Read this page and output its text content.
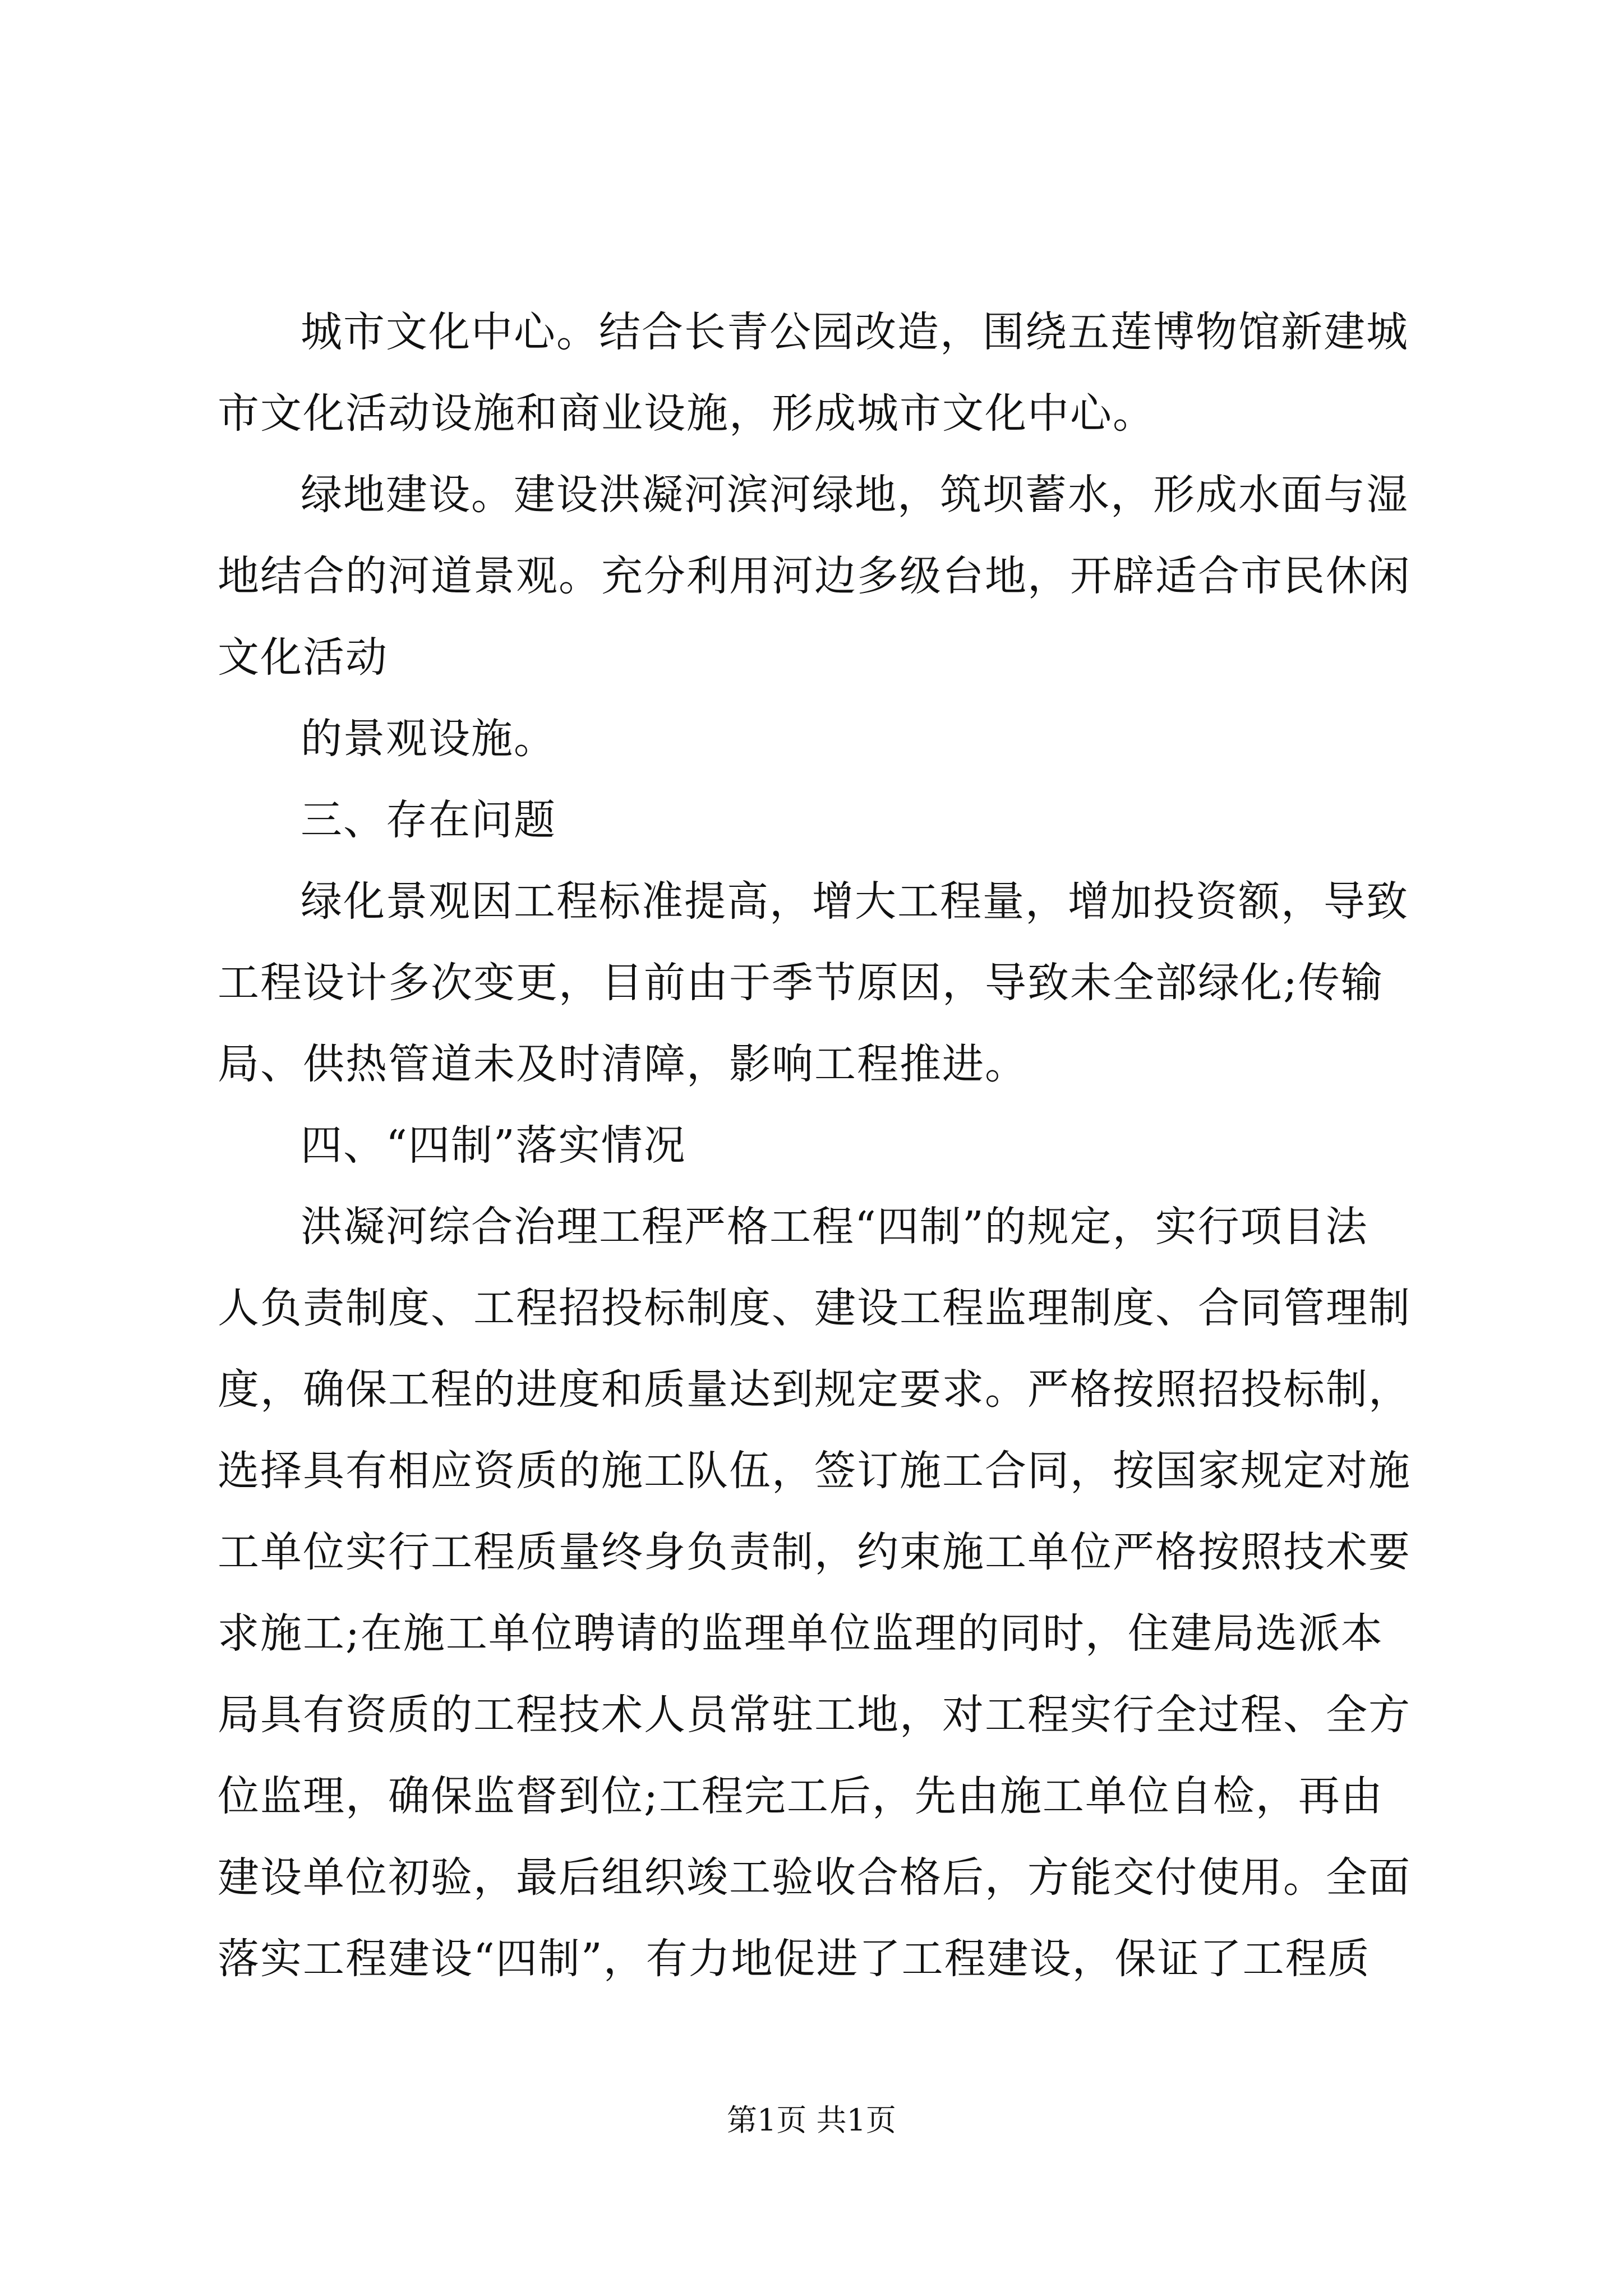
城市文化中心。结合长青公园改造，围绕五莲博物馆新建城
市文化活动设施和商业设施，形成城市文化中心。
绿地建设。建设洪凝河滨河绿地，筑坝蓄水，形成水面与湿
地结合的河道景观。充分利用河边多级台地，开辟适合市民休闲
文化活动
的景观设施。
三、存在问题
绿化景观因工程标准提高，增大工程量，增加投资额，导致
工程设计多次变更，目前由于季节原因，导致未全部绿化;传输
局、供热管道未及时清障，影响工程推进。
四、“四制”落实情况
洪凝河综合治理工程严格工程“四制”的规定，实行项目法
人负责制度、工程招投标制度、建设工程监理制度、合同管理制
度，确保工程的进度和质量达到规定要求。严格按照招投标制，
选择具有相应资质的施工队伍，签订施工合同，按国家规定对施
工单位实行工程质量终身负责制，约束施工单位严格按照技术要
求施工;在施工单位聘请的监理单位监理的同时，住建局选派本
局具有资质的工程技术人员常驻工地，对工程实行全过程、全方
位监理，确保监督到位;工程完工后，先由施工单位自检，再由
建设单位初验，最后组织竣工验收合格后，方能交付使用。全面
落实工程建设“四制”，有力地促进了工程建设，保证了工程质
第1页 共1页
